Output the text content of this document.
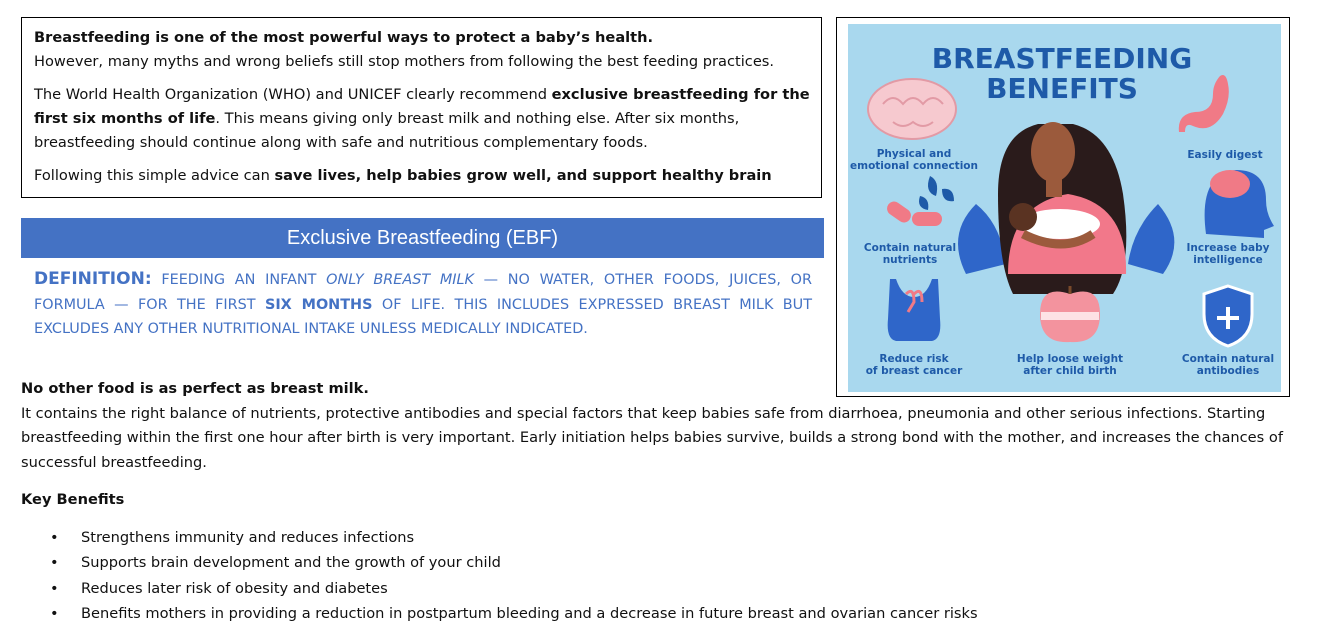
Breastfeeding is one of the most powerful ways to protect a baby’s health.

However, many myths and wrong beliefs still stop mothers from following the best feeding practices.

The World Health Organization (WHO) and UNICEF clearly recommend exclusive breastfeeding for the first six months of life. This means giving only breast milk and nothing else. After six months, breastfeeding should continue along with safe and nutritious complementary foods.

Following this simple advice can save lives, help babies grow well, and support healthy brain

Exclusive Breastfeeding (EBF)
DEFINITION: FEEDING AN INFANT ONLY BREAST MILK — NO WATER, OTHER FOODS, JUICES, OR FORMULA — FOR THE FIRST SIX MONTHS OF LIFE. THIS INCLUDES EXPRESSED BREAST MILK BUT EXCLUDES ANY OTHER NUTRITIONAL INTAKE UNLESS MEDICALLY INDICATED.

No other food is as perfect as breast milk.

It contains the right balance of nutrients, protective antibodies and special factors that keep babies safe from diarrhoea, pneumonia and other serious infections. Starting breastfeeding within the first one hour after birth is very important. Early initiation helps babies survive, builds a strong bond with the mother, and increases the chances of successful breastfeeding.

Key Benefits

• Strengthens immunity and reduces infections
• Supports brain development and the growth of your child
• Reduces later risk of obesity and diabetes
• Benefits mothers in providing a reduction in postpartum bleeding and a decrease in future breast and ovarian cancer risks
BREASTFEEDING
BENEFITS
Physical and
emotional connection
Easily digest
Contain natural
nutrients
Increase baby
intelligence
Reduce risk
of breast cancer
Help loose weight
after child birth
Contain natural
antibodies
